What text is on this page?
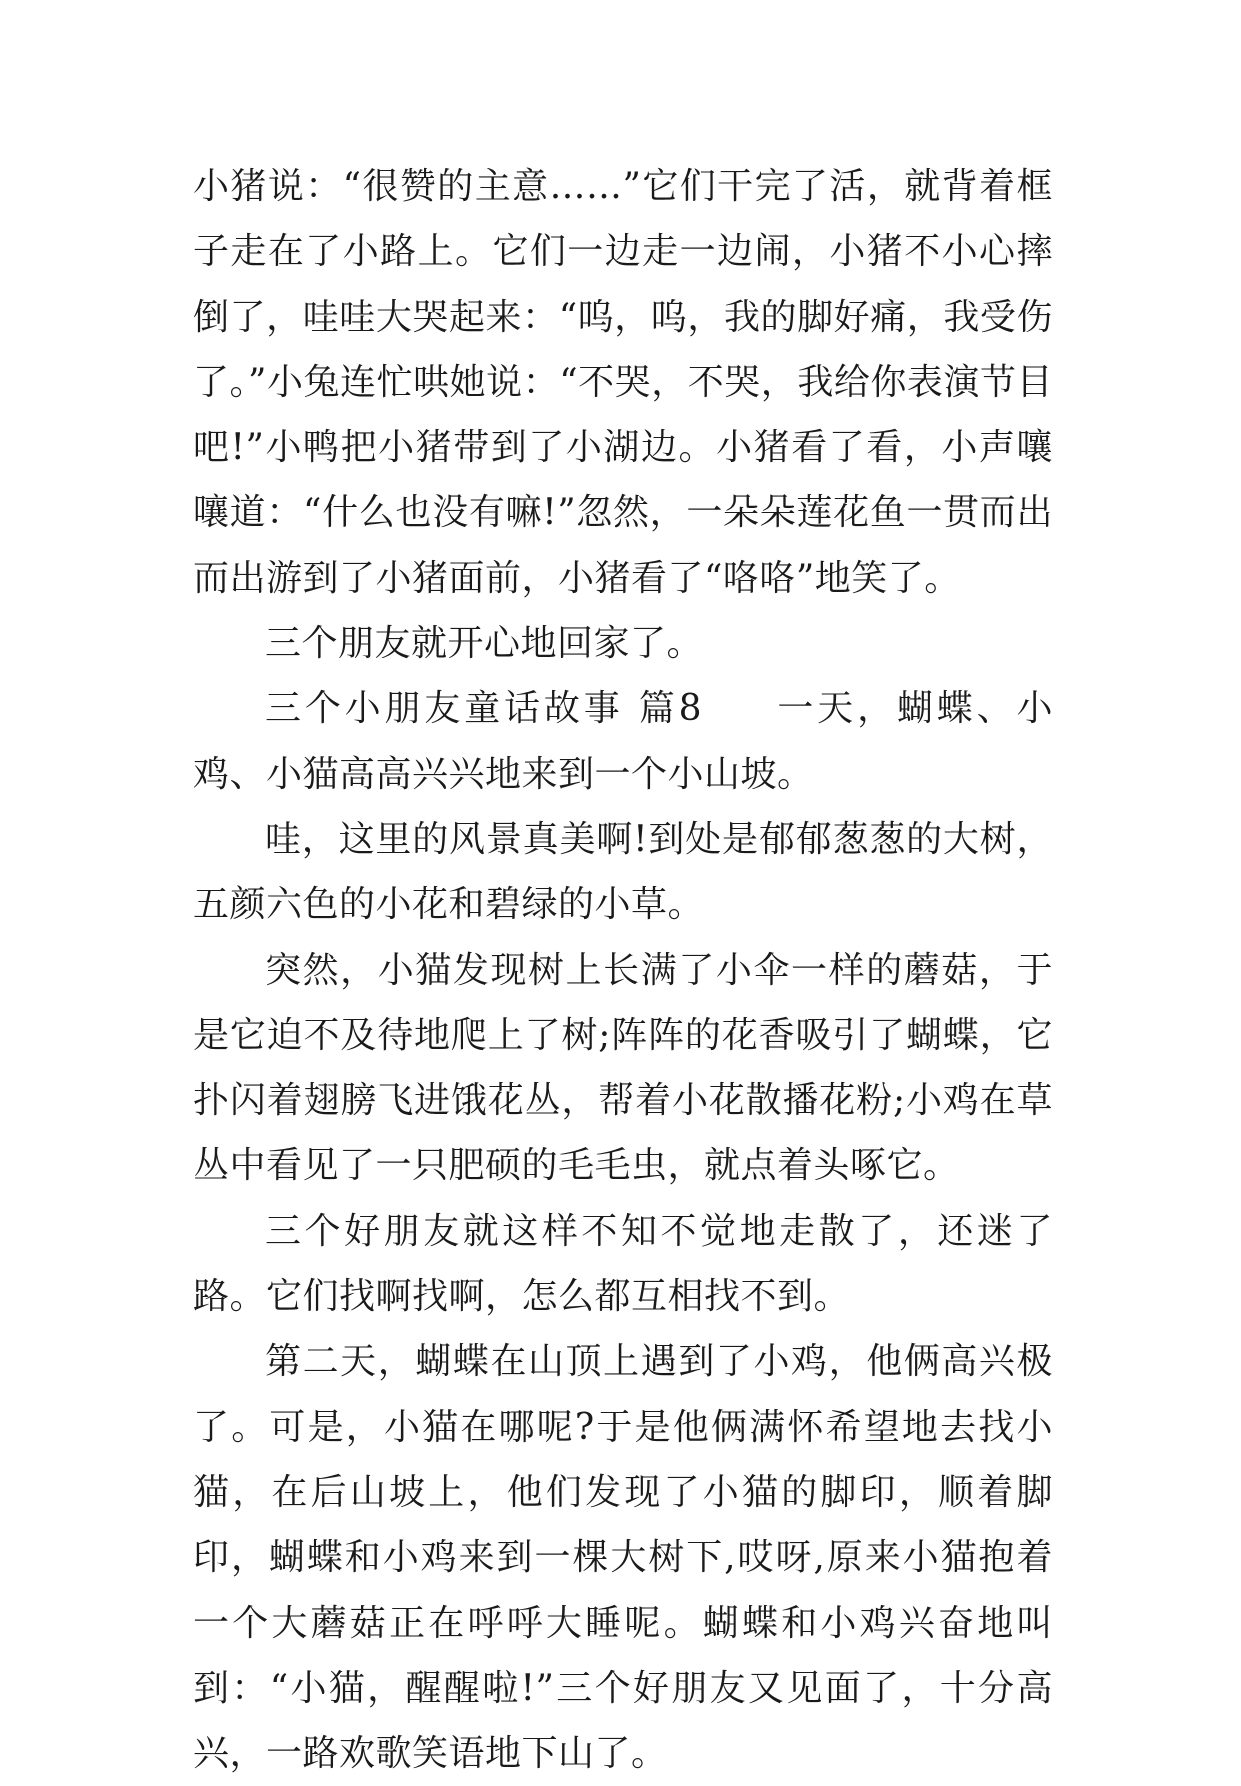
小猪说：“很赞的主意……”它们干完了活，就背着框子走在了小路上。它们一边走一边闹，小猪不小心摔倒了，哇哇大哭起来：“呜，呜，我的脚好痛，我受伤了。”小兔连忙哄她说：“不哭，不哭，我给你表演节目吧!”小鸭把小猪带到了小湖边。小猪看了看，小声嚷嚷道：“什么也没有嘛!”忽然，一朵朵莲花鱼一贯而出而出游到了小猪面前，小猪看了“咯咯”地笑了。

三个朋友就开心地回家了。

三个小朋友童话故事 篇8 一天，蝴蝶、小鸡、小猫高高兴兴地来到一个小山坡。

哇，这里的风景真美啊!到处是郁郁葱葱的大树，五颜六色的小花和碧绿的小草。

突然，小猫发现树上长满了小伞一样的蘑菇，于是它迫不及待地爬上了树;阵阵的花香吸引了蝴蝶，它扑闪着翅膀飞进饿花丛，帮着小花散播花粉;小鸡在草丛中看见了一只肥硕的毛毛虫，就点着头啄它。

三个好朋友就这样不知不觉地走散了，还迷了路。它们找啊找啊，怎么都互相找不到。

第二天，蝴蝶在山顶上遇到了小鸡，他俩高兴极了。可是，小猫在哪呢?于是他俩满怀希望地去找小猫，在后山坡上，他们发现了小猫的脚印，顺着脚印，蝴蝶和小鸡来到一棵大树下,哎呀,原来小猫抱着一个大蘑菇正在呼呼大睡呢。蝴蝶和小鸡兴奋地叫到：“小猫，醒醒啦!”三个好朋友又见面了，十分高兴，一路欢歌笑语地下山了。
